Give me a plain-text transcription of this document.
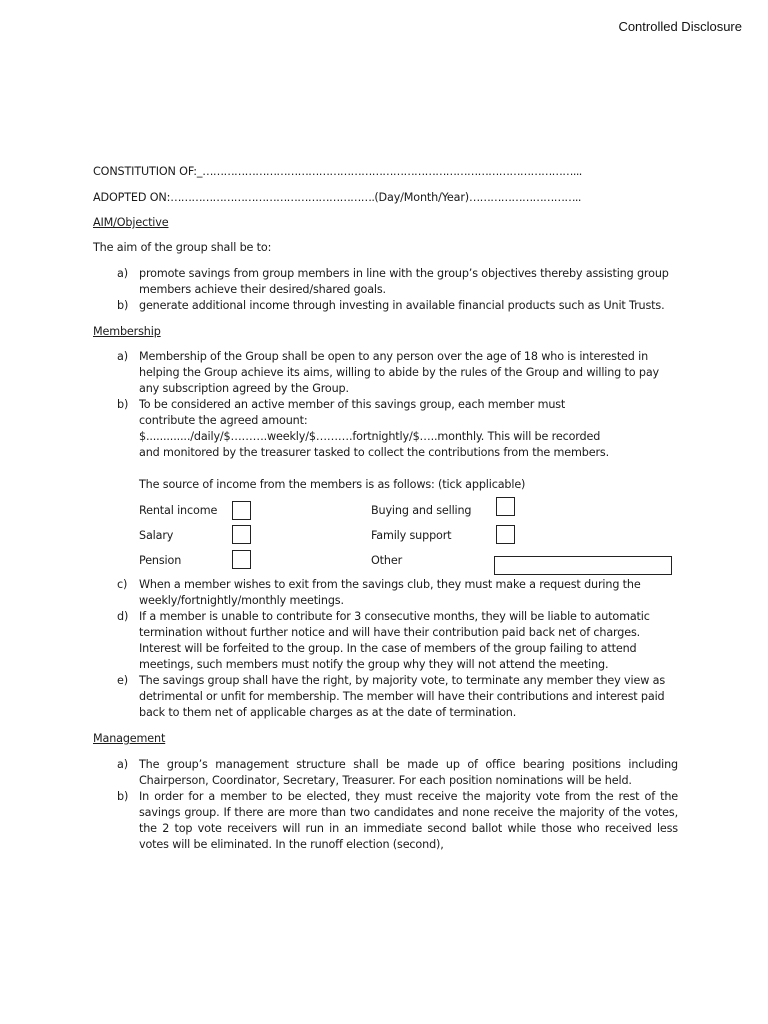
Controlled Disclosure
CONSTITUTION OF:_……………………………………………………………………………………………...
ADOPTED ON:………………………………………………….(Day/Month/Year)…………………………..
AIM/Objective

The aim of the group shall be to:

a) promote savings from group members in line with the group’s objectives thereby assisting group members achieve their desired/shared goals.
b) generate additional income through investing in available financial products such as Unit Trusts.
Membership
a) Membership of the Group shall be open to any person over the age of 18 who is interested in helping the Group achieve its aims, willing to abide by the rules of the Group and willing to pay any subscription agreed by the Group.
b) To be considered an active member of this savings group, each member must
contribute the agreed amount:
$............./daily/$……….weekly/$……….fortnightly/$…..monthly. This will be recorded
and monitored by the treasurer tasked to collect the contributions from the members.

The source of income from the members is as follows: (tick applicable)

Rental income	Buying and selling
Salary	Family support
Pension	Other
c) When a member wishes to exit from the savings club, they must make a request during the weekly/fortnightly/monthly meetings.
d) If a member is unable to contribute for 3 consecutive months, they will be liable to automatic termination without further notice and will have their contribution paid back net of charges. Interest will be forfeited to the group. In the case of members of the group failing to attend meetings, such members must notify the group why they will not attend the meeting.
e) The savings group shall have the right, by majority vote, to terminate any member they view as detrimental or unfit for membership. The member will have their contributions and interest paid back to them net of applicable charges as at the date of termination.
Management
a) The group’s management structure shall be made up of office bearing positions including Chairperson, Coordinator, Secretary, Treasurer. For each position nominations will be held.
b) In order for a member to be elected, they must receive the majority vote from the rest of the savings group. If there are more than two candidates and none receive the majority of the votes, the 2 top vote receivers will run in an immediate second ballot while those who received less votes will be eliminated. In the runoff election (second),
